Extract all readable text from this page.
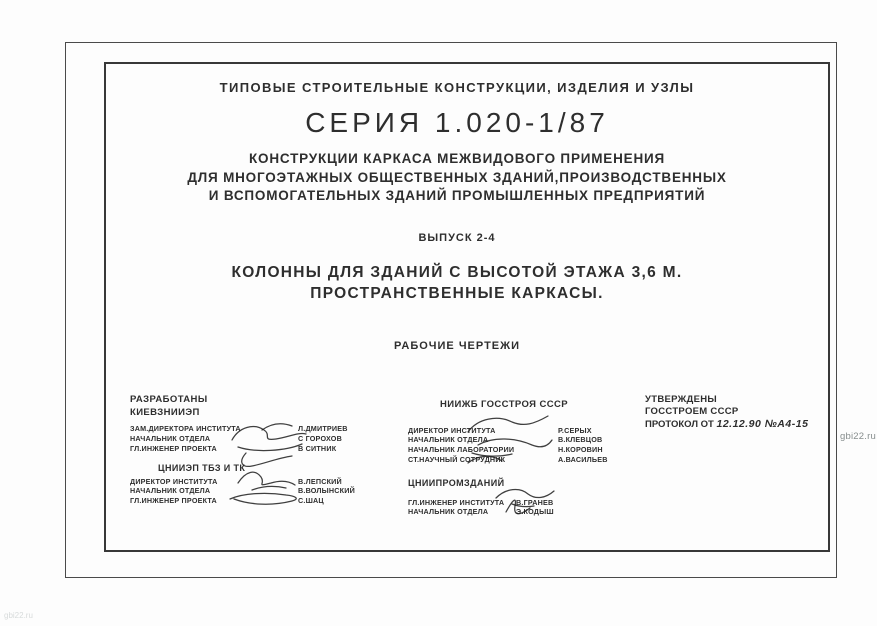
ТИПОВЫЕ СТРОИТЕЛЬНЫЕ КОНСТРУКЦИИ, ИЗДЕЛИЯ И УЗЛЫ
СЕРИЯ 1.020-1/87
КОНСТРУКЦИИ КАРКАСА МЕЖВИДОВОГО ПРИМЕНЕНИЯ
ДЛЯ МНОГОЭТАЖНЫХ ОБЩЕСТВЕННЫХ ЗДАНИЙ,ПРОИЗВОДСТВЕННЫХ
И ВСПОМОГАТЕЛЬНЫХ ЗДАНИЙ ПРОМЫШЛЕННЫХ ПРЕДПРИЯТИЙ
ВЫПУСК 2-4
КОЛОННЫ ДЛЯ ЗДАНИЙ С ВЫСОТОЙ ЭТАЖА 3,6 М.
ПРОСТРАНСТВЕННЫЕ КАРКАСЫ.
РАБОЧИЕ ЧЕРТЕЖИ
РАЗРАБОТАНЫ
КИЕВЗНИИЭП
ЗАМ.ДИРЕКТОРА ИНСТИТУТА	Л.ДМИТРИЕВ
НАЧАЛЬНИК ОТДЕЛА	С ГОРОХОВ
ГЛ.ИНЖЕНЕР ПРОЕКТА	В СИТНИК
ЦНИИЭП ТБЗ И ТК
ДИРЕКТОР ИНСТИТУТА	В.ЛЕПСКИЙ
НАЧАЛЬНИК ОТДЕЛА	В.ВОЛЫНСКИЙ
ГЛ.ИНЖЕНЕР ПРОЕКТА	С.ШАЦ
НИИЖБ ГОССТРОЯ СССР
ДИРЕКТОР ИНСТИТУТА	Р.СЕРЫХ
НАЧАЛЬНИК ОТДЕЛА	В.КЛЕВЦОВ
НАЧАЛЬНИК ЛАБОРАТОРИИ	Н.КОРОВИН
СТ.НАУЧНЫЙ СОТРУДНИК	А.ВАСИЛЬЕВ
ЦНИИПРОМЗДАНИЙ
ГЛ.ИНЖЕНЕР ИНСТИТУТА В.ГРАНЕВ
НАЧАЛЬНИК ОТДЕЛА	Э.КОДЫШ
УТВЕРЖДЕНЫ
ГОССТРОЕМ СССР
ПРОТОКОЛ ОТ 12.12.90 №А4-15
gbi22.ru
gbi22.ru
